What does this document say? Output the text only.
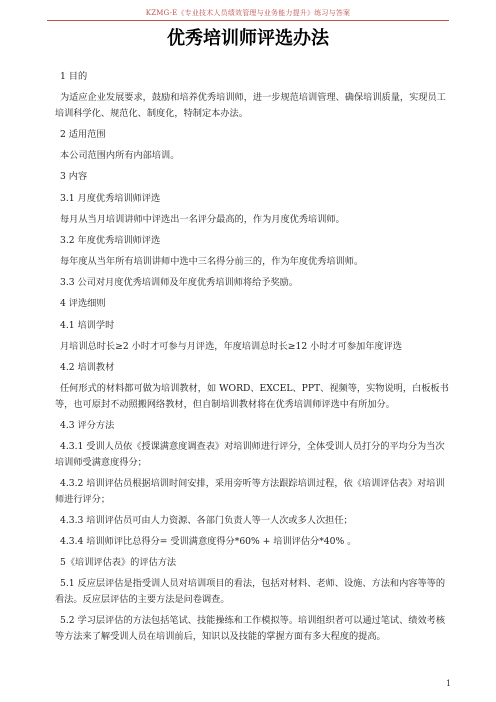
KZMG-E《专业技术人员绩效管理与业务能力提升》练习与答案
优秀培训师评选办法

1 目的

为适应企业发展要求，鼓励和培养优秀培训师，进一步规范培训管理、确保培训质量，实现员工培训科学化、规范化、制度化，特制定本办法。

2 适用范围

本公司范围内所有内部培训。

3 内容

3.1 月度优秀培训师评选

每月从当月培训讲师中评选出一名评分最高的，作为月度优秀培训师。

3.2 年度优秀培训师评选

每年度从当年所有培训讲师中选中三名得分前三的，作为年度优秀培训师。

3.3 公司对月度优秀培训师及年度优秀培训师将给予奖励。

4 评选细则

4.1 培训学时

月培训总时长≥2 小时才可参与月评选，年度培训总时长≥12 小时才可参加年度评选

4.2 培训教材

任何形式的材料都可做为培训教材，如 WORD、EXCEL、PPT、视频等，实物说明，白板板书等，也可原封不动照搬网络教材，但自制培训教材将在优秀培训师评选中有所加分。

4.3 评分方法

4.3.1 受训人员依《授课满意度调查表》对培训师进行评分，全体受训人员打分的平均分为当次培训师受满意度得分；

4.3.2 培训评估员根据培训时间安排，采用旁听等方法跟踪培训过程，依《培训评估表》对培训师进行评分；

4.3.3 培训评估员可由人力资源、各部门负责人等一人次或多人次担任；

4.3.4 培训师评比总得分= 受训满意度得分*60% + 培训评估分*40% 。

5《培训评估表》的评估方法

5.1 反应层评估是指受训人员对培训项目的看法，包括对材料、老师、设施、方法和内容等等的看法。反应层评估的主要方法是问卷调查。

5.2 学习层评估的方法包括笔试、技能操练和工作模拟等。培训组织者可以通过笔试、绩效考核等方法来了解受训人员在培训前后，知识以及技能的掌握方面有多大程度的提高。

1
